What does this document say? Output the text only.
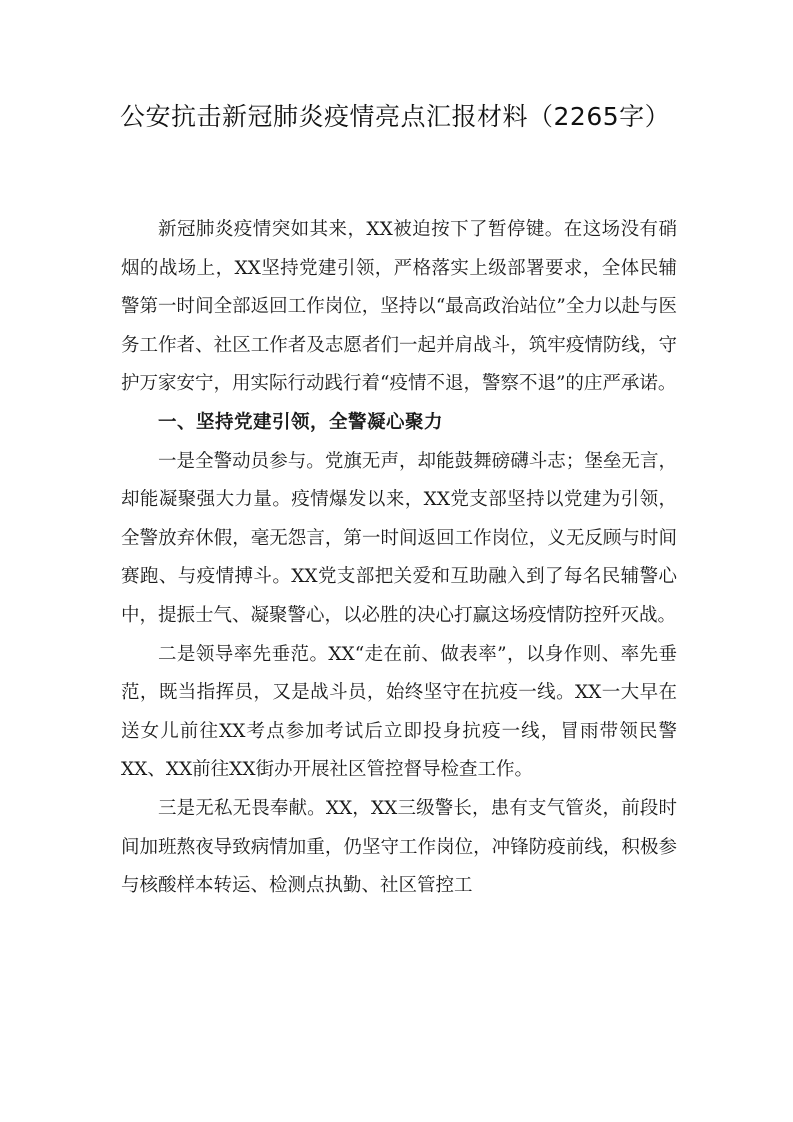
公安抗击新冠肺炎疫情亮点汇报材料（2265字）

新冠肺炎疫情突如其来，XX被迫按下了暂停键。在这场没有硝烟的战场上，XX坚持党建引领，严格落实上级部署要求，全体民辅警第一时间全部返回工作岗位，坚持以“最高政治站位”全力以赴与医务工作者、社区工作者及志愿者们一起并肩战斗，筑牢疫情防线，守护万家安宁，用实际行动践行着“疫情不退，警察不退”的庄严承诺。

一、坚持党建引领，全警凝心聚力

一是全警动员参与。党旗无声，却能鼓舞磅礴斗志；堡垒无言，却能凝聚强大力量。疫情爆发以来，XX党支部坚持以党建为引领，全警放弃休假，毫无怨言，第一时间返回工作岗位，义无反顾与时间赛跑、与疫情搏斗。XX党支部把关爱和互助融入到了每名民辅警心中，提振士气、凝聚警心，以必胜的决心打赢这场疫情防控歼灭战。

二是领导率先垂范。XX“走在前、做表率”，以身作则、率先垂范，既当指挥员，又是战斗员，始终坚守在抗疫一线。XX一大早在送女儿前往XX考点参加考试后立即投身抗疫一线，冒雨带领民警XX、XX前往XX街办开展社区管控督导检查工作。

三是无私无畏奉献。XX，XX三级警长，患有支气管炎，前段时间加班熬夜导致病情加重，仍坚守工作岗位，冲锋防疫前线，积极参与核酸样本转运、检测点执勤、社区管控工
